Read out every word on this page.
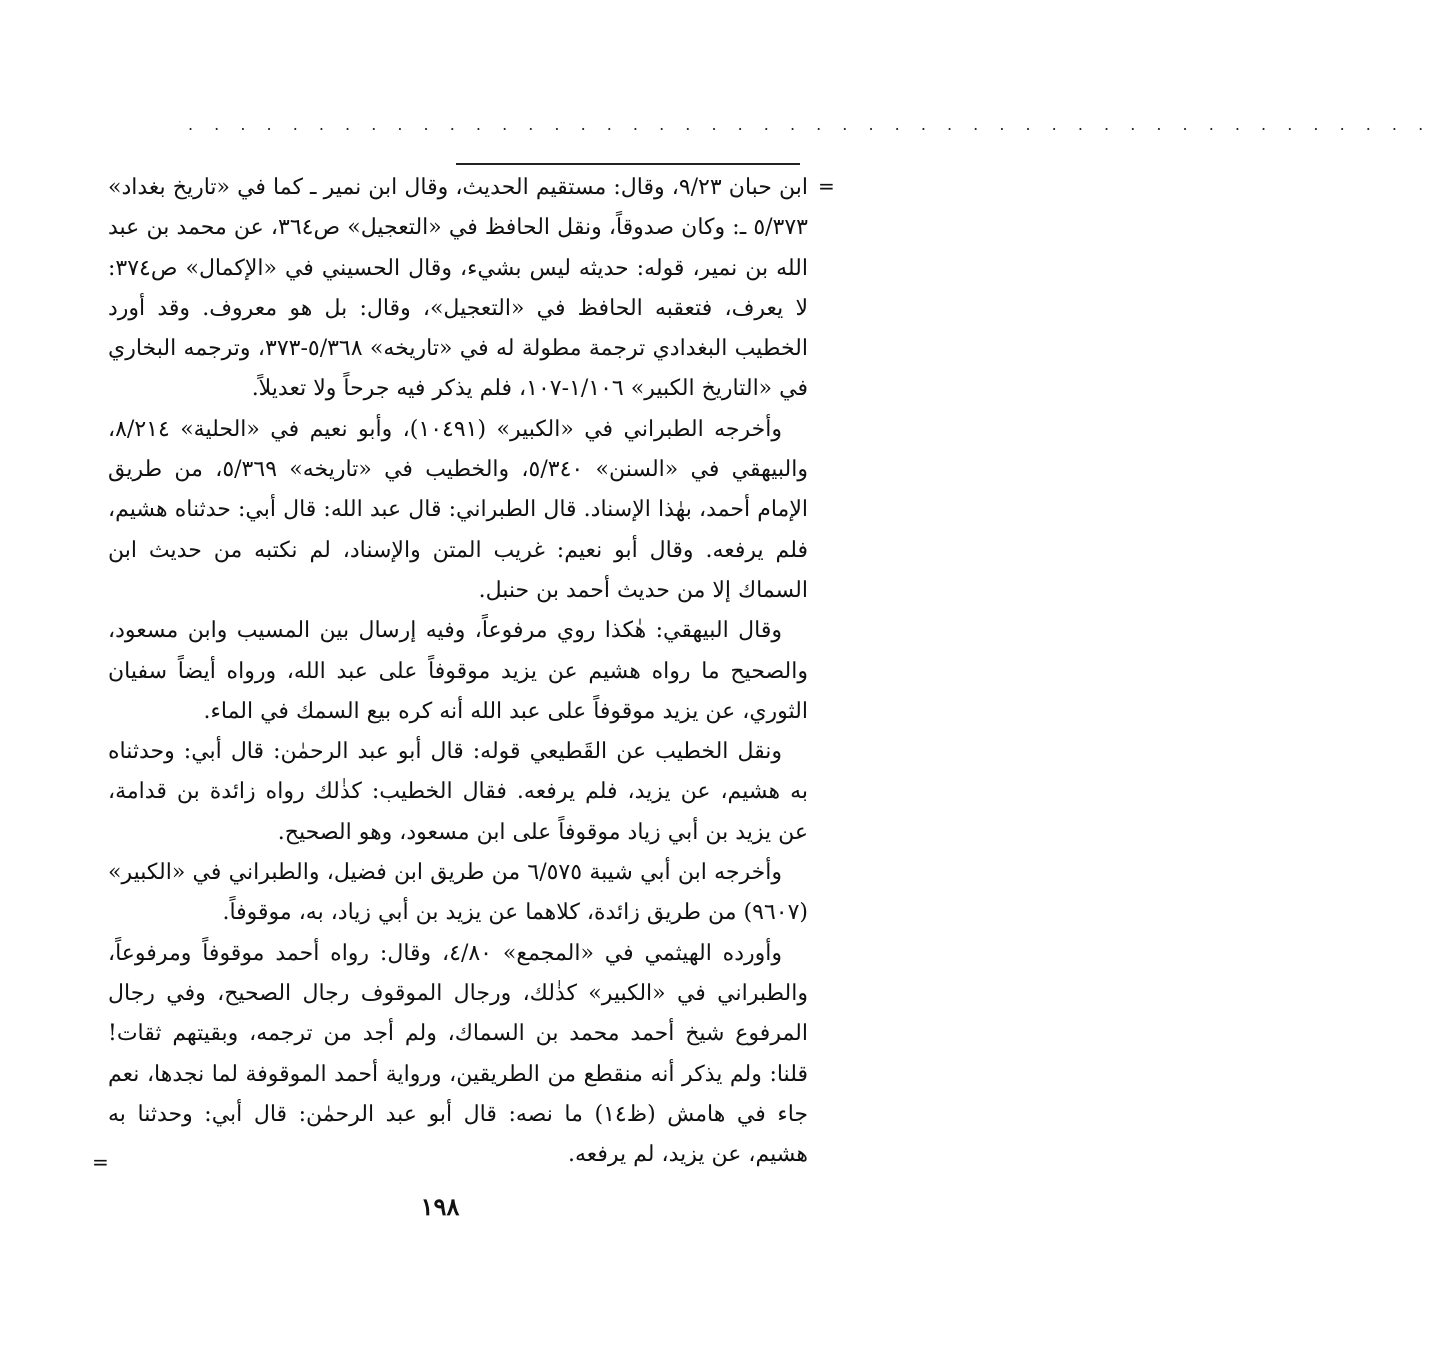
. . . . . . . . . . . . . . . . . . . . . . . . . . . . . . . . . . . . . . . . . . . . . . . .
=

ابن حبان ٩/٢٣، وقال: مستقيم الحديث، وقال ابن نمير ـ كما في «تاريخ بغداد» ٥/٣٧٣ ـ: وكان صدوقاً، ونقل الحافظ في «التعجيل» ص٣٦٤، عن محمد بن عبد الله بن نمير، قوله: حديثه ليس بشيء، وقال الحسيني في «الإكمال» ص٣٧٤: لا يعرف، فتعقبه الحافظ في «التعجيل»، وقال: بل هو معروف. وقد أورد الخطيب البغدادي ترجمة مطولة له في «تاريخه» ٥/٣٦٨-٣٧٣، وترجمه البخاري في «التاريخ الكبير» ١/١٠٦-١٠٧، فلم يذكر فيه جرحاً ولا تعديلاً.

وأخرجه الطبراني في «الكبير» (١٠٤٩١)، وأبو نعيم في «الحلية» ٨/٢١٤، والبيهقي في «السنن» ٥/٣٤٠، والخطيب في «تاريخه» ٥/٣٦٩، من طريق الإمام أحمد، بهٰذا الإسناد. قال الطبراني: قال عبد الله: قال أبي: حدثناه هشيم، فلم يرفعه. وقال أبو نعيم: غريب المتن والإسناد، لم نكتبه من حديث ابن السماك إلا من حديث أحمد بن حنبل.

وقال البيهقي: هٰكذا روي مرفوعاً، وفيه إرسال بين المسيب وابن مسعود، والصحيح ما رواه هشيم عن يزيد موقوفاً على عبد الله، ورواه أيضاً سفيان الثوري، عن يزيد موقوفاً على عبد الله أنه كره بيع السمك في الماء.

ونقل الخطيب عن القَطيعي قوله: قال أبو عبد الرحمٰن: قال أبي: وحدثناه به هشيم، عن يزيد، فلم يرفعه. فقال الخطيب: كذٰلك رواه زائدة بن قدامة، عن يزيد بن أبي زياد موقوفاً على ابن مسعود، وهو الصحيح.

وأخرجه ابن أبي شيبة ٦/٥٧٥ من طريق ابن فضيل، والطبراني في «الكبير» (٩٦٠٧) من طريق زائدة، كلاهما عن يزيد بن أبي زياد، به، موقوفاً.

وأورده الهيثمي في «المجمع» ٤/٨٠، وقال: رواه أحمد موقوفاً ومرفوعاً، والطبراني في «الكبير» كذٰلك، ورجال الموقوف رجال الصحيح، وفي رجال المرفوع شيخ أحمد محمد بن السماك، ولم أجد من ترجمه، وبقيتهم ثقات! قلنا: ولم يذكر أنه منقطع من الطريقين، ورواية أحمد الموقوفة لما نجدها، نعم جاء في هامش (ظ١٤) ما نصه: قال أبو عبد الرحمٰن: قال أبي: وحدثنا به هشيم، عن يزيد، لم يرفعه.

=
١٩٨
